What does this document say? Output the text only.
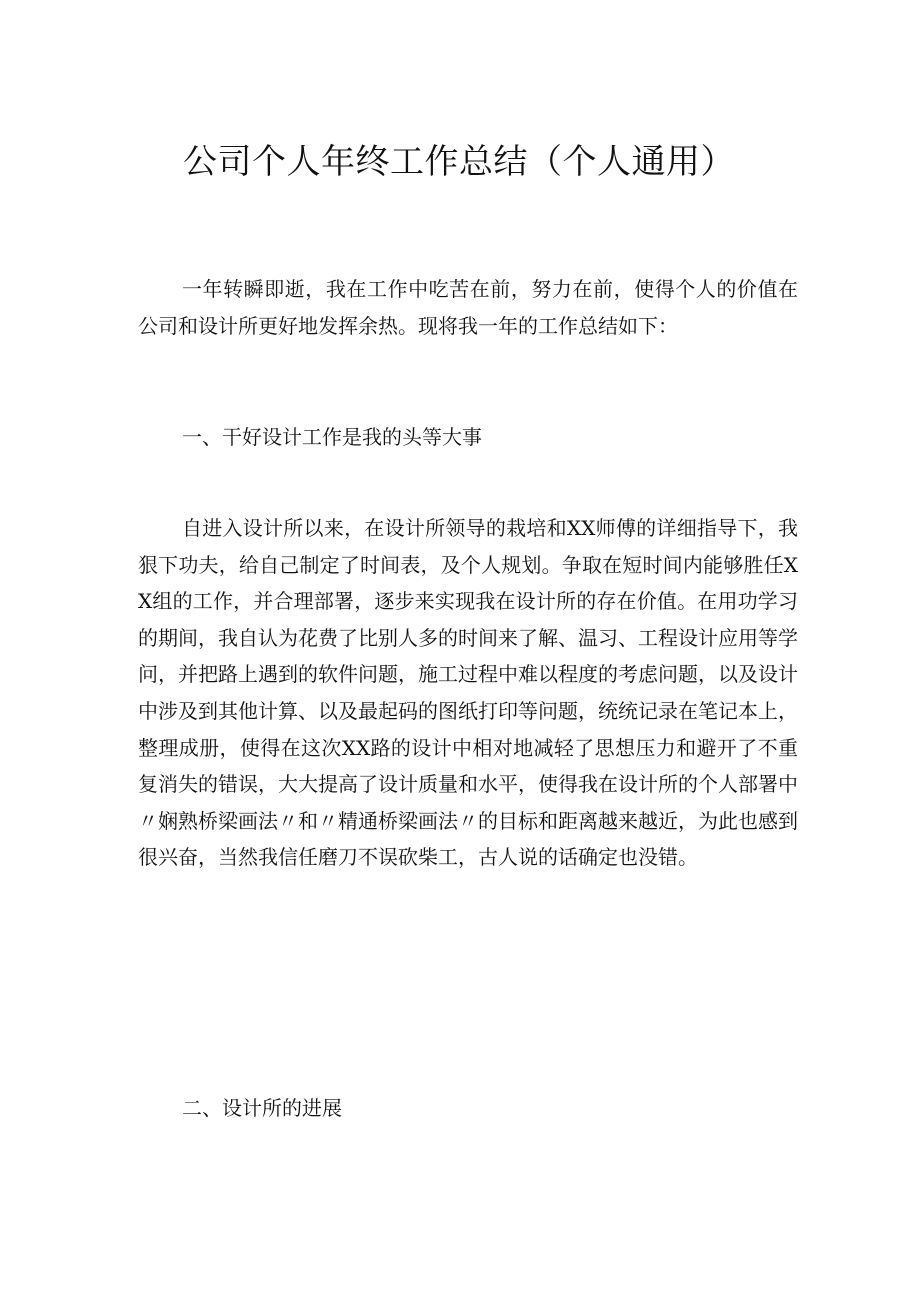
公司个人年终工作总结（个人通用）

一年转瞬即逝，我在工作中吃苦在前，努力在前，使得个人的价值在公司和设计所更好地发挥余热。现将我一年的工作总结如下：

一、干好设计工作是我的头等大事

自进入设计所以来，在设计所领导的栽培和XX师傅的详细指导下，我狠下功夫，给自己制定了时间表，及个人规划。争取在短时间内能够胜任XX组的工作，并合理部署，逐步来实现我在设计所的存在价值。在用功学习的期间，我自认为花费了比别人多的时间来了解、温习、工程设计应用等学问，并把路上遇到的软件问题，施工过程中难以程度的考虑问题，以及设计中涉及到其他计算、以及最起码的图纸打印等问题，统统记录在笔记本上，整理成册，使得在这次XX路的设计中相对地减轻了思想压力和避开了不重复消失的错误，大大提高了设计质量和水平，使得我在设计所的个人部署中〃娴熟桥梁画法〃和〃精通桥梁画法〃的目标和距离越来越近，为此也感到很兴奋，当然我信任磨刀不误砍柴工，古人说的话确定也没错。

二、设计所的进展
